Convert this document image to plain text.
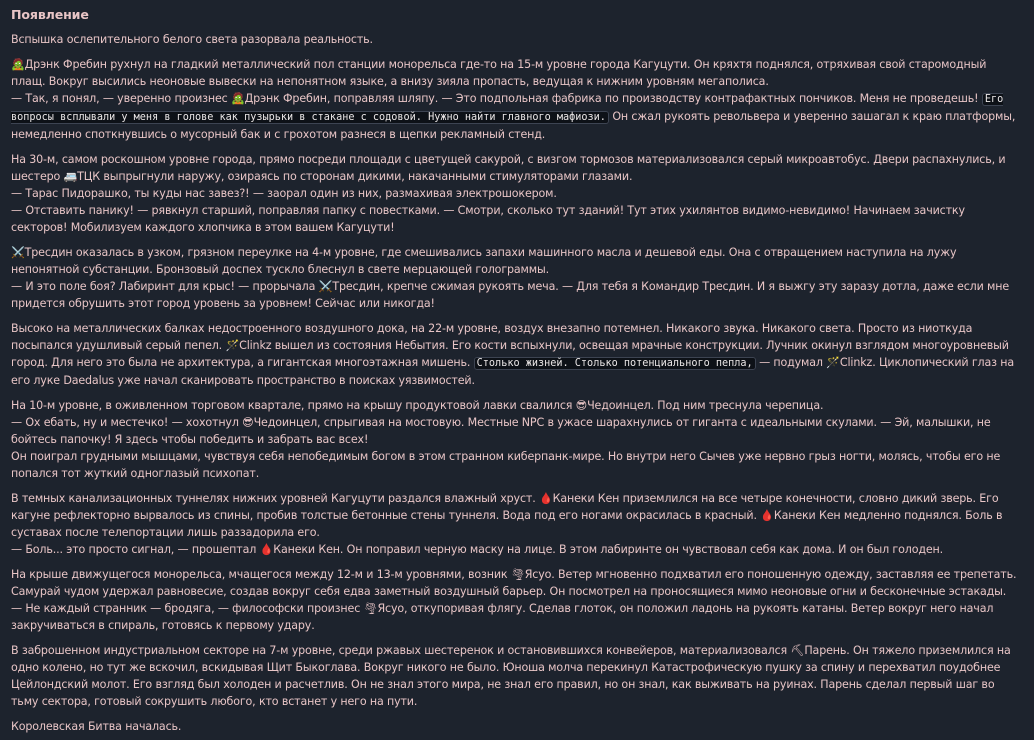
Появление

Вспышка ослепительного белого света разорвала реальность.

🧟Дрэнк Фребин рухнул на гладкий металлический пол станции монорельса где-то на 15-м уровне города Кагуцути. Он кряхтя поднялся, отряхивая свой старомодный плащ. Вокруг высились неоновые вывески на непонятном языке, а внизу зияла пропасть, ведущая к нижним уровням мегаполиса.
— Так, я понял, — уверенно произнес 🧟Дрэнк Фребин, поправляя шляпу. — Это подпольная фабрика по производству контрафактных пончиков. Меня не проведешь! Его вопросы всплывали у меня в голове как пузырьки в стакане с содовой. Нужно найти главного мафиози. Он сжал рукоять револьвера и уверенно зашагал к краю платформы, немедленно споткнувшись о мусорный бак и с грохотом разнеся в щепки рекламный стенд.

На 30-м, самом роскошном уровне города, прямо посреди площади с цветущей сакурой, с визгом тормозов материализовался серый микроавтобус. Двери распахнулись, и шестеро 🚐ТЦК выпрыгнули наружу, озираясь по сторонам дикими, накачанными стимуляторами глазами.
— Тарас Пидорашко, ты куды нас завез?! — заорал один из них, размахивая электрошокером.
— Отставить панику! — рявкнул старший, поправляя папку с повестками. — Смотри, сколько тут зданий! Тут этих ухилянтов видимо-невидимо! Начинаем зачистку секторов! Мобилизуем каждого хлопчика в этом вашем Кагуцути!

⚔️Тресдин оказалась в узком, грязном переулке на 4-м уровне, где смешивались запахи машинного масла и дешевой еды. Она с отвращением наступила на лужу непонятной субстанции. Бронзовый доспех тускло блеснул в свете мерцающей голограммы.
— И это поле боя? Лабиринт для крыс! — прорычала ⚔️Тресдин, крепче сжимая рукоять меча. — Для тебя я Командир Тресдин. И я выжгу эту заразу дотла, даже если мне придется обрушить этот город уровень за уровнем! Сейчас или никогда!

Высоко на металлических балках недостроенного воздушного дока, на 22-м уровне, воздух внезапно потемнел. Никакого звука. Никакого света. Просто из ниоткуда посыпался удушливый серый пепел. 🪄Clinkz вышел из состояния Небытия. Его кости вспыхнули, освещая мрачные конструкции. Лучник окинул взглядом многоуровневый город. Для него это была не архитектура, а гигантская многоэтажная мишень. Столько жизней. Столько потенциального пепла, — подумал 🪄Clinkz. Циклопический глаз на его луке Daedalus уже начал сканировать пространство в поисках уязвимостей.

На 10-м уровне, в оживленном торговом квартале, прямо на крышу продуктовой лавки свалился 😎Чедоинцел. Под ним треснула черепица.
— Ох ебать, ну и местечко! — хохотнул 😎Чедоинцел, спрыгивая на мостовую. Местные NPC в ужасе шарахнулись от гиганта с идеальными скулами. — Эй, малышки, не бойтесь папочку! Я здесь чтобы победить и забрать вас всех!
Он поиграл грудными мышцами, чувствуя себя непобедимым богом в этом странном киберпанк-мире. Но внутри него Сычев уже нервно грыз ногти, молясь, чтобы его не попался тот жуткий одноглазый психопат.

В темных канализационных туннелях нижних уровней Кагуцути раздался влажный хруст. 🩸Канеки Кен приземлился на все четыре конечности, словно дикий зверь. Его кагуне рефлекторно вырвалось из спины, пробив толстые бетонные стены туннеля. Вода под его ногами окрасилась в красный. 🩸Канеки Кен медленно поднялся. Боль в суставах после телепортации лишь раззадорила его.
— Боль... это просто сигнал, — прошептал 🩸Канеки Кен. Он поправил черную маску на лице. В этом лабиринте он чувствовал себя как дома. И он был голоден.

На крыше движущегося монорельса, мчащегося между 12-м и 13-м уровнями, возник 🌪Ясуо. Ветер мгновенно подхватил его поношенную одежду, заставляя ее трепетать. Самурай чудом удержал равновесие, создав вокруг себя едва заметный воздушный барьер. Он посмотрел на проносящиеся мимо неоновые огни и бесконечные эстакады.
— Не каждый странник — бродяга, — философски произнес 🌪Ясуо, откупоривая флягу. Сделав глоток, он положил ладонь на рукоять катаны. Ветер вокруг него начал закручиваться в спираль, готовясь к первому удару.

В заброшенном индустриальном секторе на 7-м уровне, среди ржавых шестеренок и остановившихся конвейеров, материализовался ⛏Парень. Он тяжело приземлился на одно колено, но тут же вскочил, вскидывая Щит Быкоглава. Вокруг никого не было. Юноша молча перекинул Катастрофическую пушку за спину и перехватил поудобнее Цейлондский молот. Его взгляд был холоден и расчетлив. Он не знал этого мира, не знал его правил, но он знал, как выживать на руинах. Парень сделал первый шаг во тьму сектора, готовый сокрушить любого, кто встанет у него на пути.

Королевская Битва началась.
